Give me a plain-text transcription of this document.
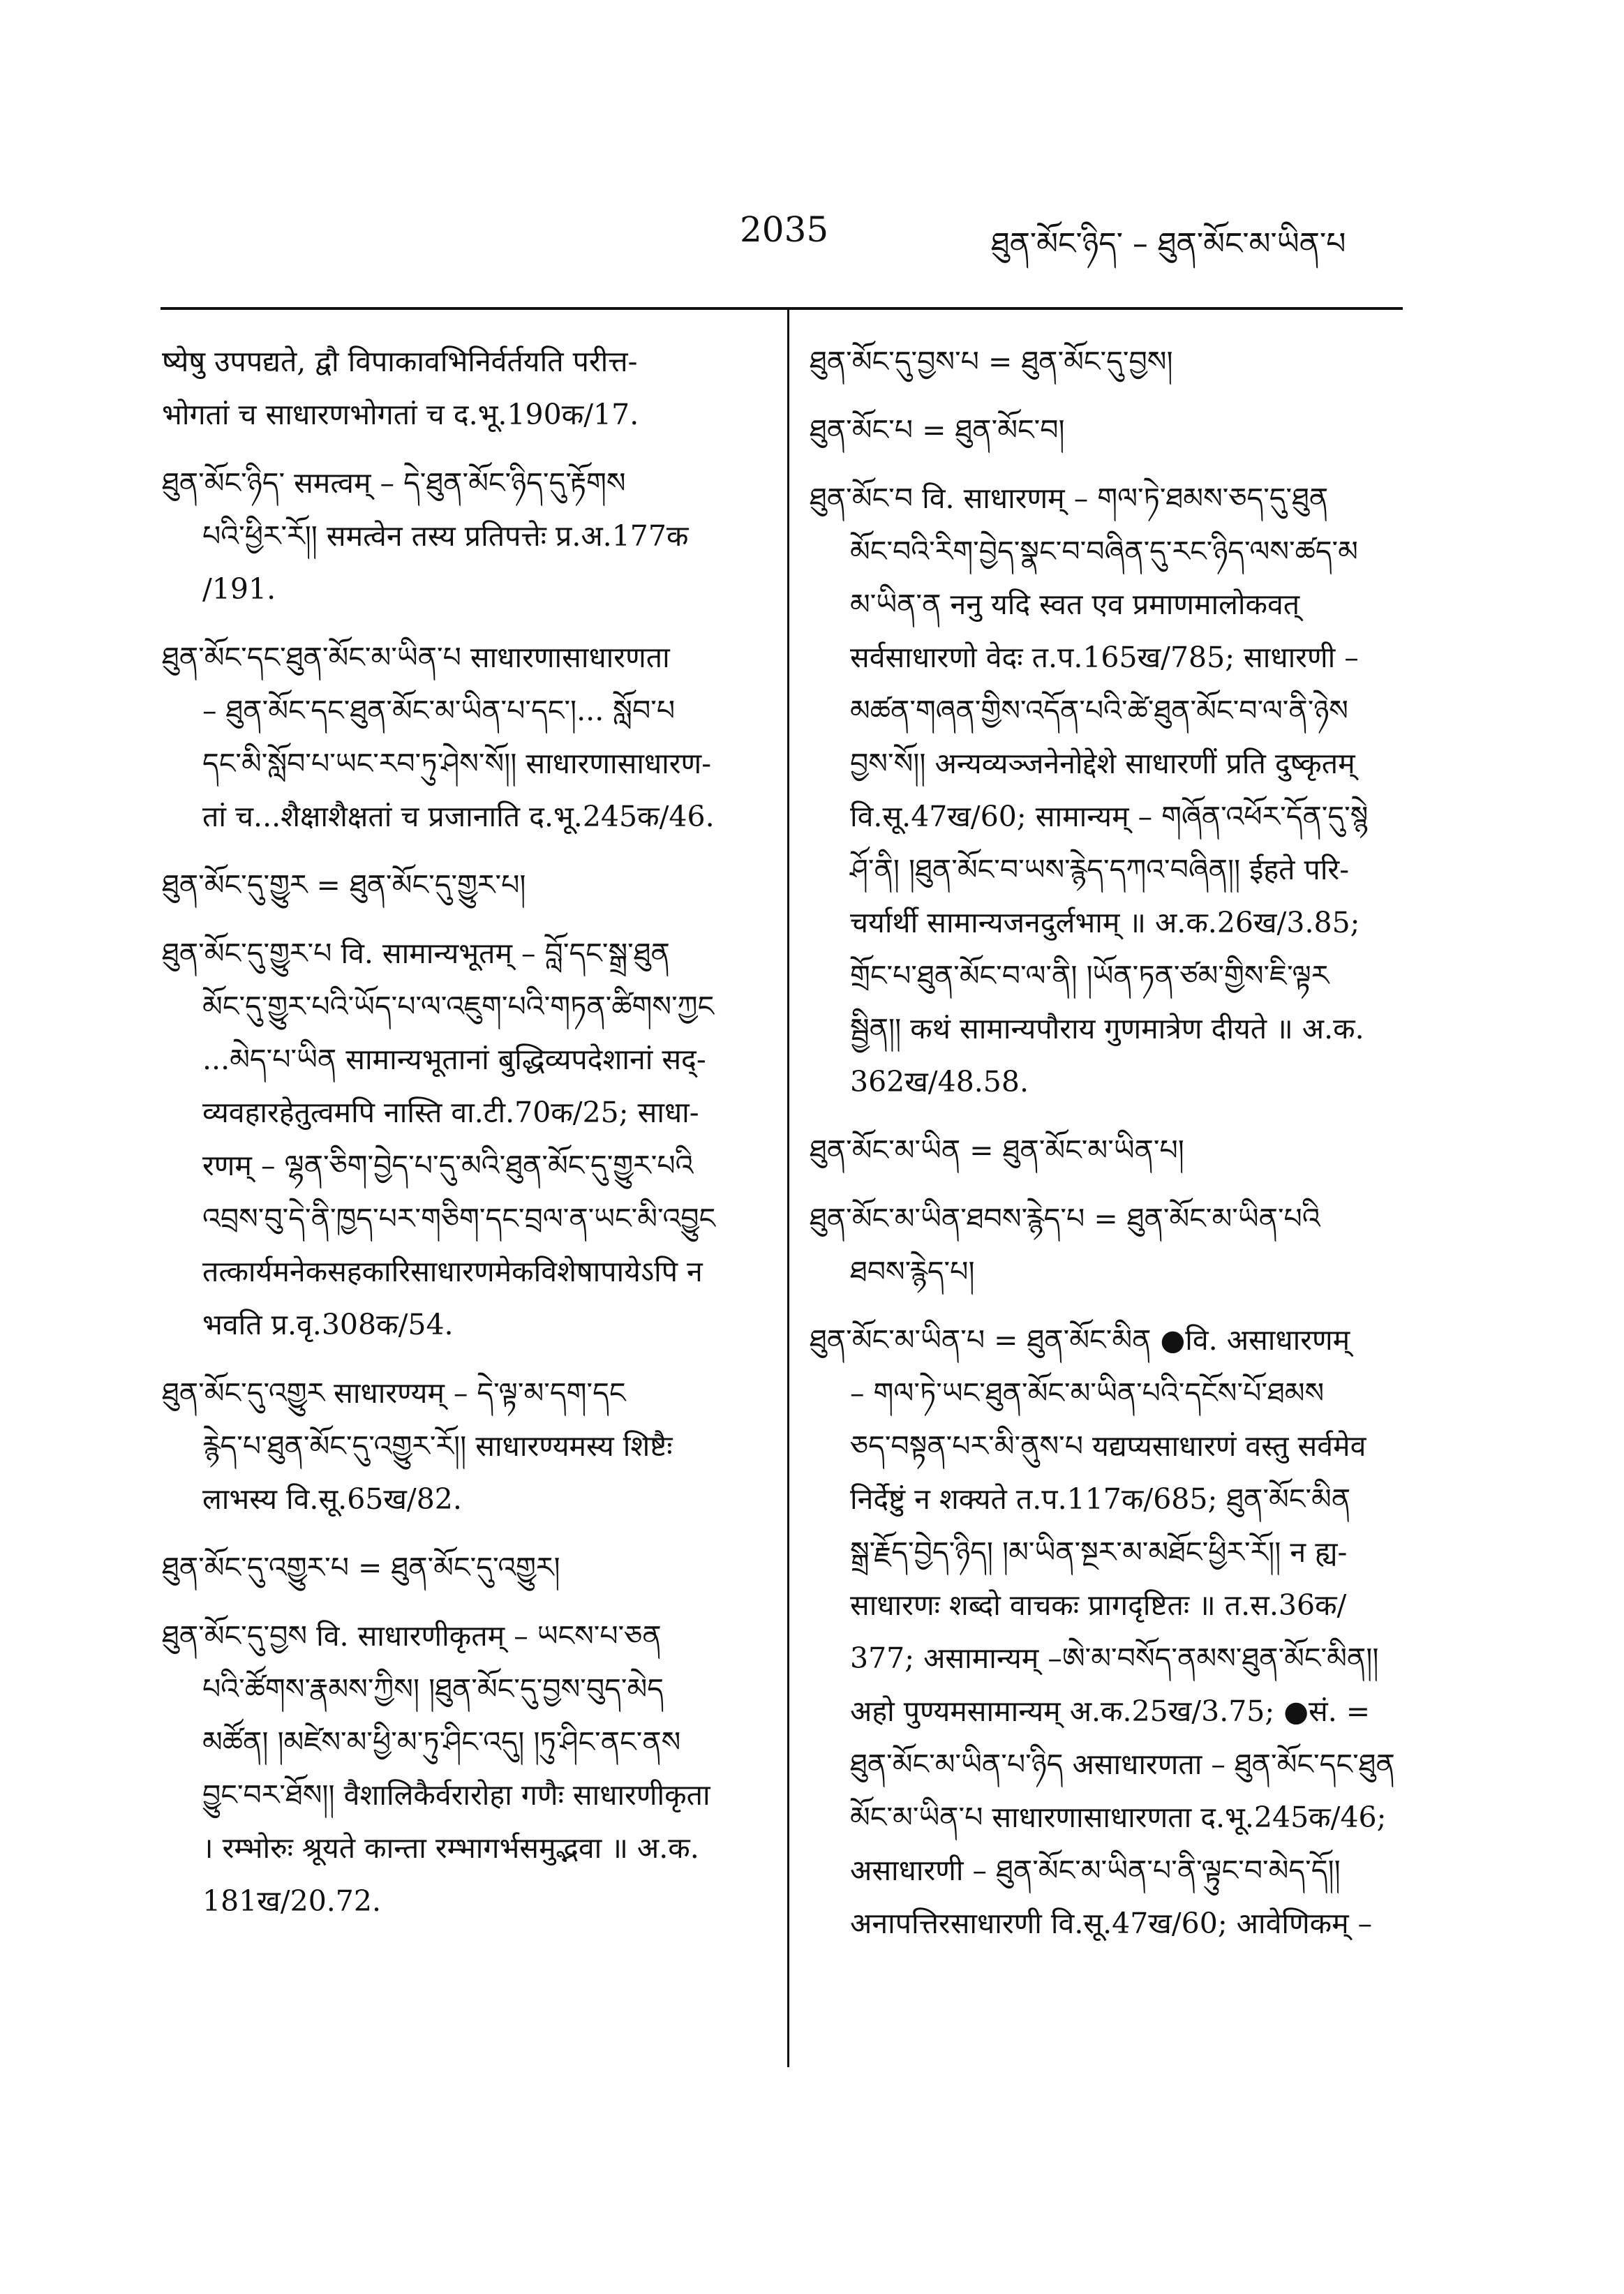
2035	ཐུན་མོང་ཉིད་ – ཐུན་མོང་མ་ཡིན་པ
ष्येषु उपपद्यते, द्वौ विपाकावभिनिर्वर्तयति परीत्त-
भोगतां च साधारणभोगतां च द.भू.190क/17.
ཐུན་མོང་ཉིད་ समत्वम् – དེ་ཐུན་མོང་ཉིད་དུ་རྟོགས
པའི་ཕྱིར་རོ།། समत्वेन तस्य प्रतिपत्तेः प्र.अ.177क
/191.
ཐུན་མོང་དང་ཐུན་མོང་མ་ཡིན་པ साधारणासाधारणता
– ཐུན་མོང་དང་ཐུན་མོང་མ་ཡིན་པ་དང་།... སློབ་པ
དང་མི་སློབ་པ་ཡང་རབ་ཏུ་ཤེས་སོ།། साधारणासाधारण-
तां च...शैक्षाशैक्षतां च प्रजानाति द.भू.245क/46.
ཐུན་མོང་དུ་གྱུར = ཐུན་མོང་དུ་གྱུར་པ།
ཐུན་མོང་དུ་གྱུར་པ वि. सामान्यभूतम् – བློ་དང་སྒྲ་ཐུན
མོང་དུ་གྱུར་པའི་ཡོད་པ་ལ་འཇུག་པའི་གཏན་ཚིགས་ཀྱང
...མེད་པ་ཡིན सामान्यभूतानां बुद्धिव्यपदेशानां सद्-
व्यवहारहेतुत्वमपि नास्ति वा.टी.70क/25; साधा-
रणम् – ལྷན་ཅིག་བྱེད་པ་དུ་མའི་ཐུན་མོང་དུ་གྱུར་པའི
འབྲས་བུ་དེ་ནི་ཁྱད་པར་གཅིག་དང་བྲལ་ན་ཡང་མི་འབྱུང
तत्कार्यमनेकसहकारिसाधारणमेकविशेषापायेऽपि न
भवति प्र.वृ.308क/54.
ཐུན་མོང་དུ་འགྱུར साधारण्यम् – དེ་ལྟ་མ་དག་དང
རྙེད་པ་ཐུན་མོང་དུ་འགྱུར་རོ།། साधारण्यमस्य शिष्टैः
लाभस्य वि.सू.65ख/82.
ཐུན་མོང་དུ་འགྱུར་པ = ཐུན་མོང་དུ་འགྱུར།
ཐུན་མོང་དུ་བྱས वि. साधारणीकृतम् – ཡངས་པ་ཅན
པའི་ཚོགས་རྣམས་ཀྱིས། །ཐུན་མོང་དུ་བྱས་བུད་མེད
མཚོན། །མཛེས་མ་ཕྱི་མ་ཏུ་ཤིང་འདུ། །ཏུ་ཤིང་ནང་ནས
བྱུང་བར་ཐོས།། वैशालिकैर्वरारोहा गणैः साधारणीकृता
। रम्भोरुः श्रूयते कान्ता रम्भागर्भसमुद्भवा ॥ अ.क.
181ख/20.72.
ཐུན་མོང་དུ་བྱས་པ = ཐུན་མོང་དུ་བྱས།
ཐུན་མོང་པ = ཐུན་མོང་བ།
ཐུན་མོང་བ वि. साधारणम् – གལ་ཏེ་ཐམས་ཅད་དུ་ཐུན
མོང་བའི་རིག་བྱེད་སྣང་བ་བཞིན་དུ་རང་ཉིད་ལས་ཚད་མ
མ་ཡིན་ན ननु यदि स्वत एव प्रमाणमालोकवत्
सर्वसाधारणो वेदः त.प.165ख/785; साधारणी –
མཚན་གཞན་གྱིས་འདོན་པའི་ཚེ་ཐུན་མོང་བ་ལ་ནི་ཉེས
བྱས་སོ།། अन्यव्यञ्जनेनोद्देशे साधारणीं प्रति दुष्कृतम्
वि.सू.47ख/60; सामान्यम् – གཞོན་འཕོར་དོན་དུ་སྙེ
ཤོ་ནི། །ཐུན་མོང་བ་ཡས་རྙེད་དཀའ་བཞིན།། ईहते परि-
चर्यार्थी सामान्यजनदुर्लभाम् ॥ अ.क.26ख/3.85;
གྲོང་པ་ཐུན་མོང་བ་ལ་ནི། །ཡོན་ཏན་ཙམ་གྱིས་ཇི་ལྟར
སྦྱིན།། कथं सामान्यपौराय गुणमात्रेण दीयते ॥ अ.क.
362ख/48.58.
ཐུན་མོང་མ་ཡིན = ཐུན་མོང་མ་ཡིན་པ།
ཐུན་མོང་མ་ཡིན་ཐབས་རྙེད་པ = ཐུན་མོང་མ་ཡིན་པའི
ཐབས་རྙེད་པ།
ཐུན་མོང་མ་ཡིན་པ = ཐུན་མོང་མིན ●वि. असाधारणम्
– གལ་ཏེ་ཡང་ཐུན་མོང་མ་ཡིན་པའི་དངོས་པོ་ཐམས
ཅད་བསྟན་པར་མི་ནུས་པ यद्यप्यसाधारणं वस्तु सर्वमेव
निर्देष्टुं न शक्यते त.प.117क/685; ཐུན་མོང་མིན
སྒྲ་རྗོད་བྱེད་ཉིད། །མ་ཡིན་སྔར་མ་མཐོང་ཕྱིར་རོ།། न ह्य-
साधारणः शब्दो वाचकः प्रागदृष्टितः ॥ त.स.36क/
377; असामान्यम् –ཨེ་མ་བསོད་ནམས་ཐུན་མོང་མིན།།
अहो पुण्यमसामान्यम् अ.क.25ख/3.75; ●सं. =
ཐུན་མོང་མ་ཡིན་པ་ཉིད असाधारणता – ཐུན་མོང་དང་ཐུན
མོང་མ་ཡིན་པ साधारणासाधारणता द.भू.245क/46;
असाधारणी – ཐུན་མོང་མ་ཡིན་པ་ནི་ལྟུང་བ་མེད་དོ།།
अनापत्तिरसाधारणी वि.सू.47ख/60; आवेणिकम् –
